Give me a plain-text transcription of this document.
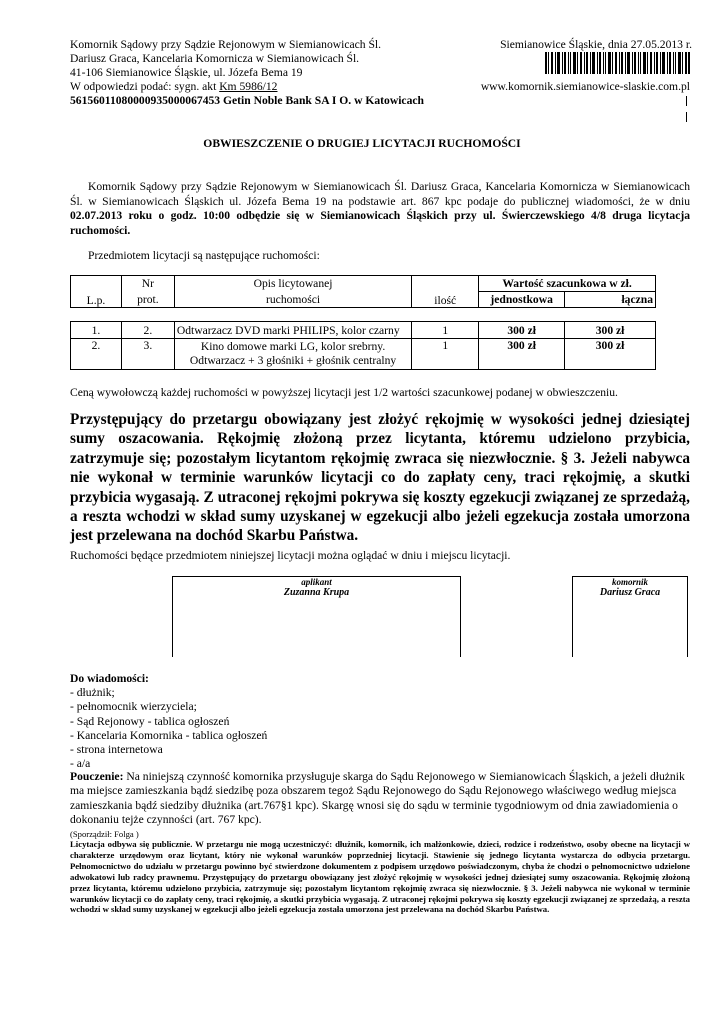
Komornik Sądowy przy Sądzie Rejonowym w Siemianowicach Śl.
Dariusz Graca, Kancelaria Komornicza w Siemianowicach Śl.
41-106 Siemianowice Śląskie, ul. Józefa Bema 19
W odpowiedzi podać: sygn. akt Km 5986/12
56156011080000935000067453 Getin Noble Bank SA I O. w Katowicach
Siemianowice Śląskie, dnia 27.05.2013 r.
www.komornik.siemianowice-slaskie.com.pl
OBWIESZCZENIE O DRUGIEJ LICYTACJI RUCHOMOŚCI
Komornik Sądowy przy Sądzie Rejonowym w Siemianowicach Śl. Dariusz Graca, Kancelaria Komornicza w Siemianowicach Śl. w Siemianowicach Śląskich ul. Józefa Bema 19 na podstawie art. 867 kpc podaje do publicznej wiadomości, że w dniu 02.07.2013 roku o godz. 10:00 odbędzie się w Siemianowicach Śląskich przy ul. Świerczewskiego 4/8 druga licytacja ruchomości.
Przedmiotem licytacji są następujące ruchomości:
L.p.	Nr	Opis licytowanej	ilość	Wartość szacunkowa w zł.	
	prot.	ruchomości		jednostkowa	łączna

1.	2.	Odtwarzacz DVD marki PHILIPS, kolor czarny	1	300 zł	300 zł
2.	3.	Kino domowe marki LG, kolor srebrny. Odtwarzacz + 3 głośniki + głośnik centralny	1	300 zł	300 zł
Ceną wywołowczą każdej ruchomości w powyższej licytacji jest 1/2 wartości szacunkowej podanej w obwieszczeniu.
Przystępujący do przetargu obowiązany jest złożyć rękojmię w wysokości jednej dziesiątej sumy oszacowania. Rękojmię złożoną przez licytanta, któremu udzielono przybicia, zatrzymuje się; pozostałym licytantom rękojmię zwraca się niezwłocznie. § 3. Jeżeli nabywca nie wykonał w terminie warunków licytacji co do zapłaty ceny, traci rękojmię, a skutki przybicia wygasają. Z utraconej rękojmi pokrywa się koszty egzekucji związanej ze sprzedażą, a reszta wchodzi w skład sumy uzyskanej w egzekucji albo jeżeli egzekucja została umorzona jest przelewana na dochód Skarbu Państwa.
Ruchomości będące przedmiotem niniejszej licytacji można oglądać w dniu i miejscu licytacji.
aplikant
Zuzanna Krupa
komornik
Dariusz Graca
Do wiadomości:
- dłużnik;
- pełnomocnik wierzyciela;
- Sąd Rejonowy - tablica ogłoszeń
- Kancelaria Komornika - tablica ogłoszeń
- strona internetowa
- a/a
Pouczenie: Na niniejszą czynność komornika przysługuje skarga do Sądu Rejonowego w Siemianowicach Śląskich, a jeżeli dłużnik ma miejsce zamieszkania bądź siedzibę poza obszarem tegoż Sądu Rejonowego do Sądu Rejonowego właściwego według miejsca zamieszkania bądź siedziby dłużnika (art.767§1 kpc). Skargę wnosi się do sądu w terminie tygodniowym od dnia zawiadomienia o dokonaniu tejże czynności (art. 767 kpc).
(Sporządził: Folga )
Licytacja odbywa się publicznie. W przetargu nie mogą uczestniczyć: dłużnik, komornik, ich małżonkowie, dzieci, rodzice i rodzeństwo, osoby obecne na licytacji w charakterze urzędowym oraz licytant, który nie wykonał warunków poprzedniej licytacji. Stawienie się jednego licytanta wystarcza do odbycia przetargu. Pełnomocnictwo do udziału w przetargu powinno być stwierdzone dokumentem z podpisem urzędowo poświadczonym, chyba że chodzi o pełnomocnictwo udzielone adwokatowi lub radcy prawnemu. Przystępujący do przetargu obowiązany jest złożyć rękojmię w wysokości jednej dziesiątej sumy oszacowania. Rękojmię złożoną przez licytanta, któremu udzielono przybicia, zatrzymuje się; pozostałym licytantom rękojmię zwraca się niezwłocznie. § 3. Jeżeli nabywca nie wykonał w terminie warunków licytacji co do zapłaty ceny, traci rękojmię, a skutki przybicia wygasają. Z utraconej rękojmi pokrywa się koszty egzekucji związanej ze sprzedażą, a reszta wchodzi w skład sumy uzyskanej w egzekucji albo jeżeli egzekucja została umorzona jest przelewana na dochód Skarbu Państwa.
